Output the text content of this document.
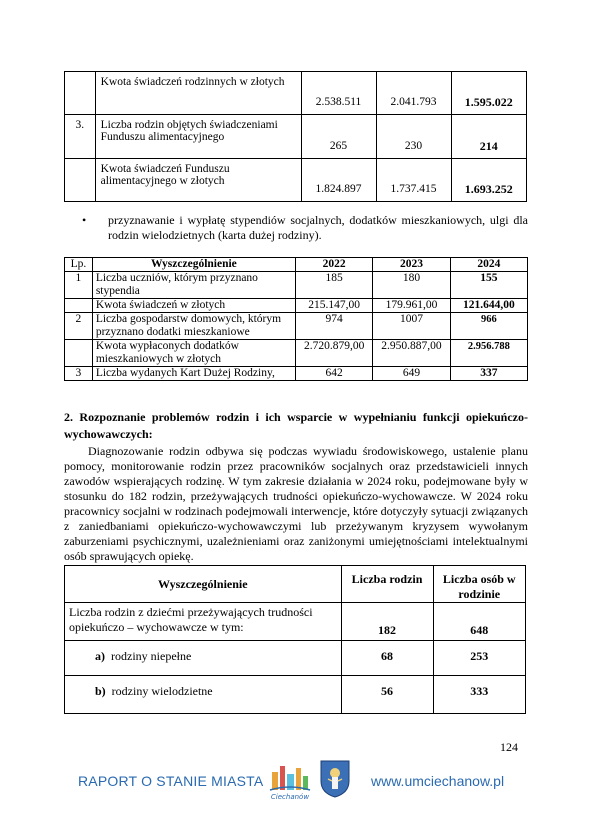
	Kwota świadczeń rodzinnych w złotych	2.538.511	2.041.793	1.595.022
3.	Liczba rodzin objętych świadczeniami Funduszu alimentacyjnego	265	230	214
	Kwota świadczeń Funduszu alimentacyjnego w złotych	1.824.897	1.737.415	1.693.252
•	przyznawanie i wypłatę stypendiów socjalnych, dodatków mieszkaniowych, ulgi dla rodzin wielodzietnych (karta dużej rodziny).
Lp.	Wyszczególnienie	2022	2023	2024
1	Liczba uczniów, którym przyznano stypendia	185	180	155
	Kwota świadczeń w złotych	215.147,00	179.961,00	121.644,00
2	Liczba gospodarstw domowych, którym przyznano dodatki mieszkaniowe	974	1007	966
	Kwota wypłaconych dodatków mieszkaniowych w złotych	2.720.879,00	2.950.887,00	2.956.788
3	Liczba wydanych Kart Dużej Rodziny,	642	649	337
2. Rozpoznanie problemów rodzin i ich wsparcie w wypełnianiu funkcji opiekuńczo-wychowawczych:
Diagnozowanie rodzin odbywa się podczas wywiadu środowiskowego, ustalenie planu pomocy, monitorowanie rodzin przez pracowników socjalnych oraz przedstawicieli innych zawodów wspierających rodzinę. W tym zakresie działania w 2024 roku, podejmowane były w stosunku do 182 rodzin, przeżywających trudności opiekuńczo-wychowawcze. W 2024 roku pracownicy socjalni w rodzinach podejmowali interwencje, które dotyczyły sytuacji związanych z zaniedbaniami opiekuńczo-wychowawczymi lub przeżywanym kryzysem wywołanym zaburzeniami psychicznymi, uzależnieniami oraz zaniżonymi umiejętnościami intelektualnymi osób sprawujących opiekę.
Wyszczególnienie	Liczba rodzin	Liczba osób w rodzinie
Liczba rodzin z dziećmi przeżywających trudności opiekuńczo – wychowawcze w tym:	182	648
a) rodziny niepełne	68	253
b) rodziny wielodzietne	56	333
124
RAPORT O STANIE MIASTA
Ciechanów
www.umciechanow.pl
